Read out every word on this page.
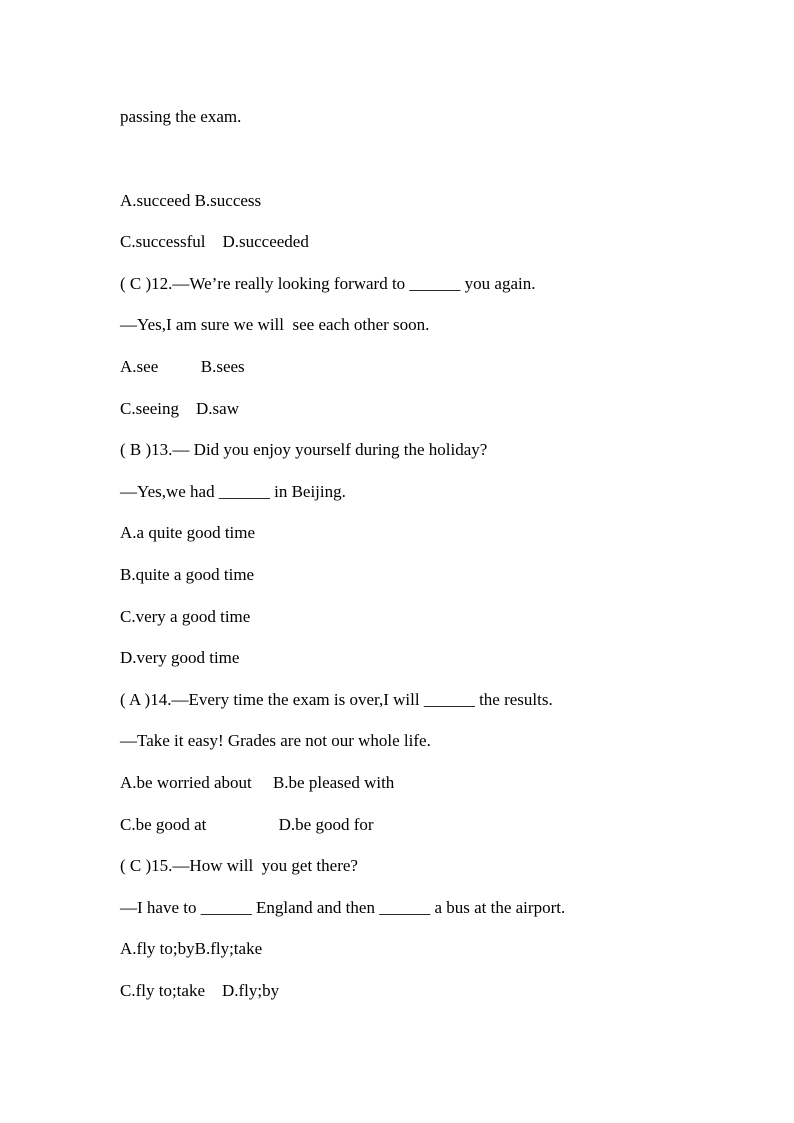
passing the exam.
A.succeed B.success
C.successful    D.succeeded
( C )12.—We’re really looking forward to ______ you again.
—Yes,I am sure we will  see each other soon.
A.see          B.sees
C.seeing    D.saw
( B )13.— Did you enjoy yourself during the holiday?
—Yes,we had ______ in Beijing.
A.a quite good time
B.quite a good time
C.very a good time
D.very good time
( A )14.—Every time the exam is over,I will ______ the results.
—Take it easy! Grades are not our whole life.
A.be worried about     B.be pleased with
C.be good at                 D.be good for
( C )15.—How will  you get there?
—I have to ______ England and then ______ a bus at the airport.
A.fly to;byB.fly;take
C.fly to;take    D.fly;by
